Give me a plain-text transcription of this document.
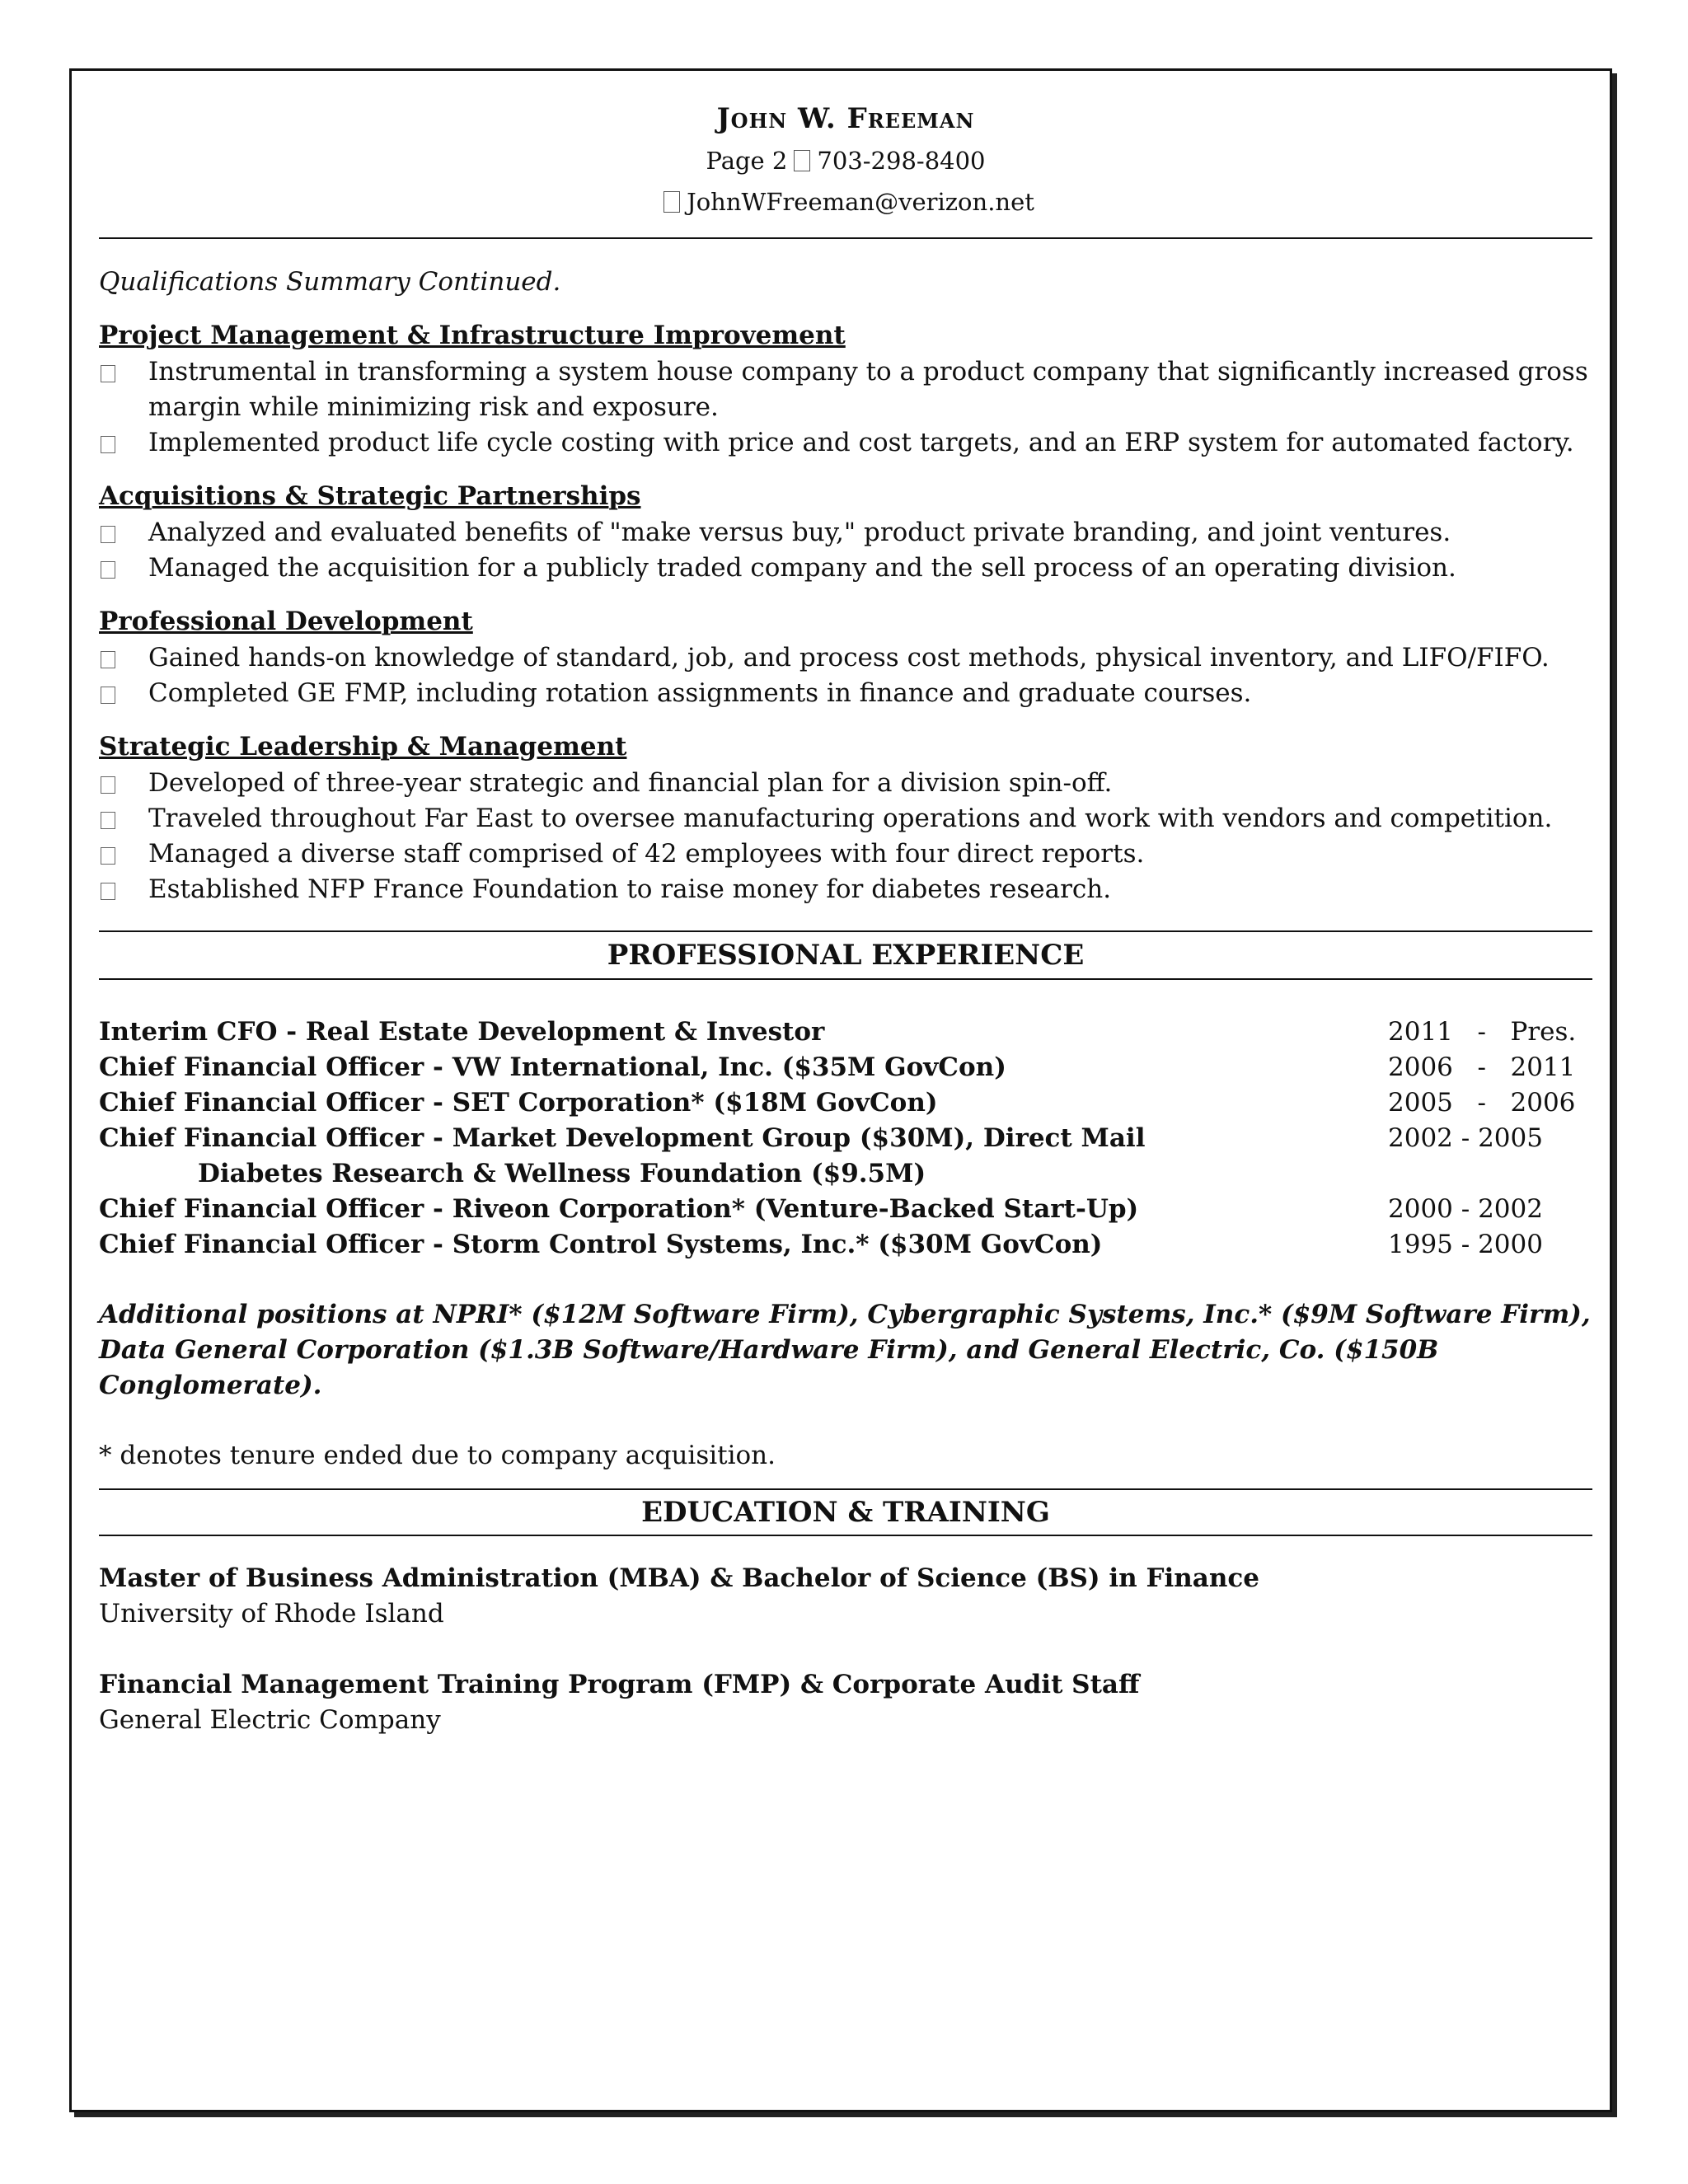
John W. Freeman
Page 2 703-298-8400
JohnWFreeman@verizon.net
Qualifications Summary Continued.
Project Management & Infrastructure Improvement
Instrumental in transforming a system house company to a product company that significantly increased gross margin while minimizing risk and exposure.
Implemented product life cycle costing with price and cost targets, and an ERP system for automated factory.
Acquisitions & Strategic Partnerships
Analyzed and evaluated benefits of "make versus buy," product private branding, and joint ventures.
Managed the acquisition for a publicly traded company and the sell process of an operating division.
Professional Development
Gained hands-on knowledge of standard, job, and process cost methods, physical inventory, and LIFO/FIFO.
Completed GE FMP, including rotation assignments in finance and graduate courses.
Strategic Leadership & Management
Developed of three-year strategic and financial plan for a division spin-off.
Traveled throughout Far East to oversee manufacturing operations and work with vendors and competition.
Managed a diverse staff comprised of 42 employees with four direct reports.
Established NFP France Foundation to raise money for diabetes research.
PROFESSIONAL EXPERIENCE
Interim CFO - Real Estate Development & Investor	2011   -   Pres.
Chief Financial Officer - VW International, Inc. ($35M GovCon)	2006   -   2011
Chief Financial Officer - SET Corporation* ($18M GovCon)	2005   -   2006
Chief Financial Officer - Market Development Group ($30M), Direct Mail	2002 - 2005
Diabetes Research & Wellness Foundation ($9.5M)
Chief Financial Officer - Riveon Corporation* (Venture-Backed Start-Up)	2000 - 2002
Chief Financial Officer - Storm Control Systems, Inc.* ($30M GovCon)	1995 - 2000
Additional positions at NPRI* ($12M Software Firm), Cybergraphic Systems, Inc.* ($9M Software Firm), Data General Corporation ($1.3B Software/Hardware Firm), and General Electric, Co. ($150B Conglomerate).
* denotes tenure ended due to company acquisition.
EDUCATION & TRAINING
Master of Business Administration (MBA) & Bachelor of Science (BS) in Finance
University of Rhode Island
Financial Management Training Program (FMP) & Corporate Audit Staff
General Electric Company
